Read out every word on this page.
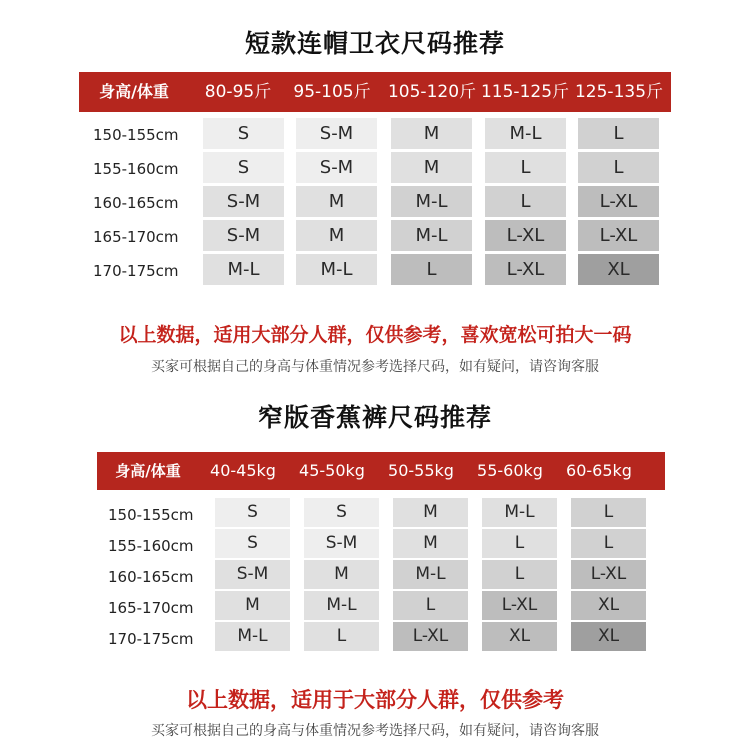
短款连帽卫衣尺码推荐
身高/体重	80-95斤	95-105斤	105-120斤 115-125斤 125-135斤
150-155cm	S	S-M	M	M-L	L
155-160cm	S	S-M	M	L	L
160-165cm	S-M	M	M-L	L	L-XL
165-170cm	S-M	M	M-L	L-XL	L-XL
170-175cm	M-L	M-L	L	L-XL	XL
以上数据，适用大部分人群，仅供参考，喜欢宽松可拍大一码
买家可根据自己的身高与体重情况参考选择尺码，如有疑问，请咨询客服
窄版香蕉裤尺码推荐
身高/体重	40-45kg	45-50kg	50-55kg	55-60kg	60-65kg
150-155cm	S	S	M	M-L	L
155-160cm	S	S-M	M	L	L
160-165cm	S-M	M	M-L	L	L-XL
165-170cm	M	M-L	L	L-XL	XL
170-175cm	M-L	L	L-XL	XL	XL
以上数据，适用于大部分人群，仅供参考
买家可根据自己的身高与体重情况参考选择尺码，如有疑问，请咨询客服
